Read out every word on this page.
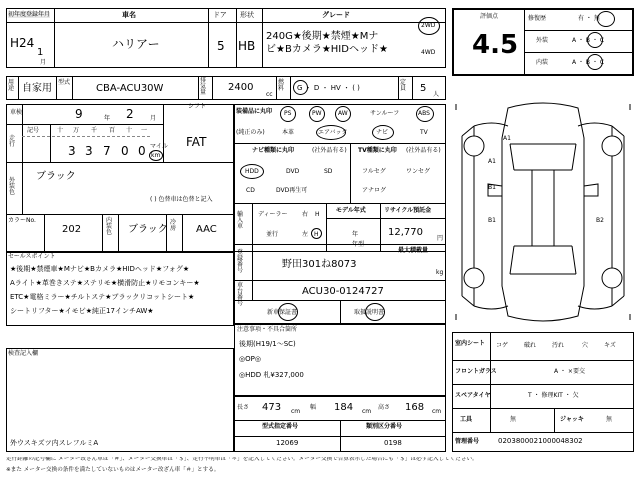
初年度登録年月
H24
1
月
車名
ハリアー
ドア
5
形状
HB
グレード
240G★後期★禁煙★Mナ
ビ★Bカメラ★HIDヘッド★
2WD
4WD
用途 自家用
型式
CBA-ACU30W
排気量	2400
cc
燃料	G ・ D ・ HV ・ ( )
定員	5
人
車検	9	年 2	月
シフト
FAT
走行
記号	十 万 千 百 十 一
3 3 7 0 0 マイル
km
外装色
ブラック
( ) 色替車は色替と記入
カラーNo.
202
内装色	ブラック
冷房	AAC
装備品に丸印
(純正のみ)
PS	PW	AW	サンルーフ	ABS
本革	エアバック	ナビ	TV
ナビ種類に丸印	(社外品有る)
HDD	DVD	SD
CD	DVD再生可
TV種類に丸印 (社外品有る)
フルセグ	ワンセグ
アナログ
輸入車
ディーラー
並行
右
左
H
H
モデル年式
年
年型
リサイクル預託金
12,770
円
登録番号
野田301ね8073
最大積載量
kg
車台番号
ACU30-0124727
新車保証書	取扱説明書
セールスポイント
★後期★禁煙車★Mナビ★Bカメラ★HIDヘッド★フォグ★
Aライト★革巻きステ★ステリモ★横滑防止★リモコンキー★
ETC★電格ミラー★チルトステ★ブラックリコットシート★
シートリフター★イモビ★純正17インチAW★
検査記入欄
外ウスキズツ内スレフルミA
注意事項・不具合箇所
後期(H19/1〜SC)
◎OP◎
◎HDD 札¥327,000
長さ 473 cm
幅 184 cm
高さ 168 cm
型式指定番号
12069
類別区分番号
0198
評価点
4.5
修復歴	有 ・ 無
外装	A ・ B ・ C
内装	A ・ B ・ C
A1
A1
B1
B1	B2
室内シート コゲ	破れ	汚れ	穴	キズ
フロントガラス	A ・ ×要交
スペアタイヤ	T ・ 修理KIT ・ 欠
工具	無	ジャッキ	無
管理番号	0203800021000048302
走行距離の記号欄に メーター改ざん車は「＃」、メーター交換車は「＄」、走行不明車は「＊」を記入してください。メーター交換で合算表示した場合にも「＄」は必ず記入してください。
※また メーター交換の条件を満たしていないものはメーター改ざん車「＃」とする。
